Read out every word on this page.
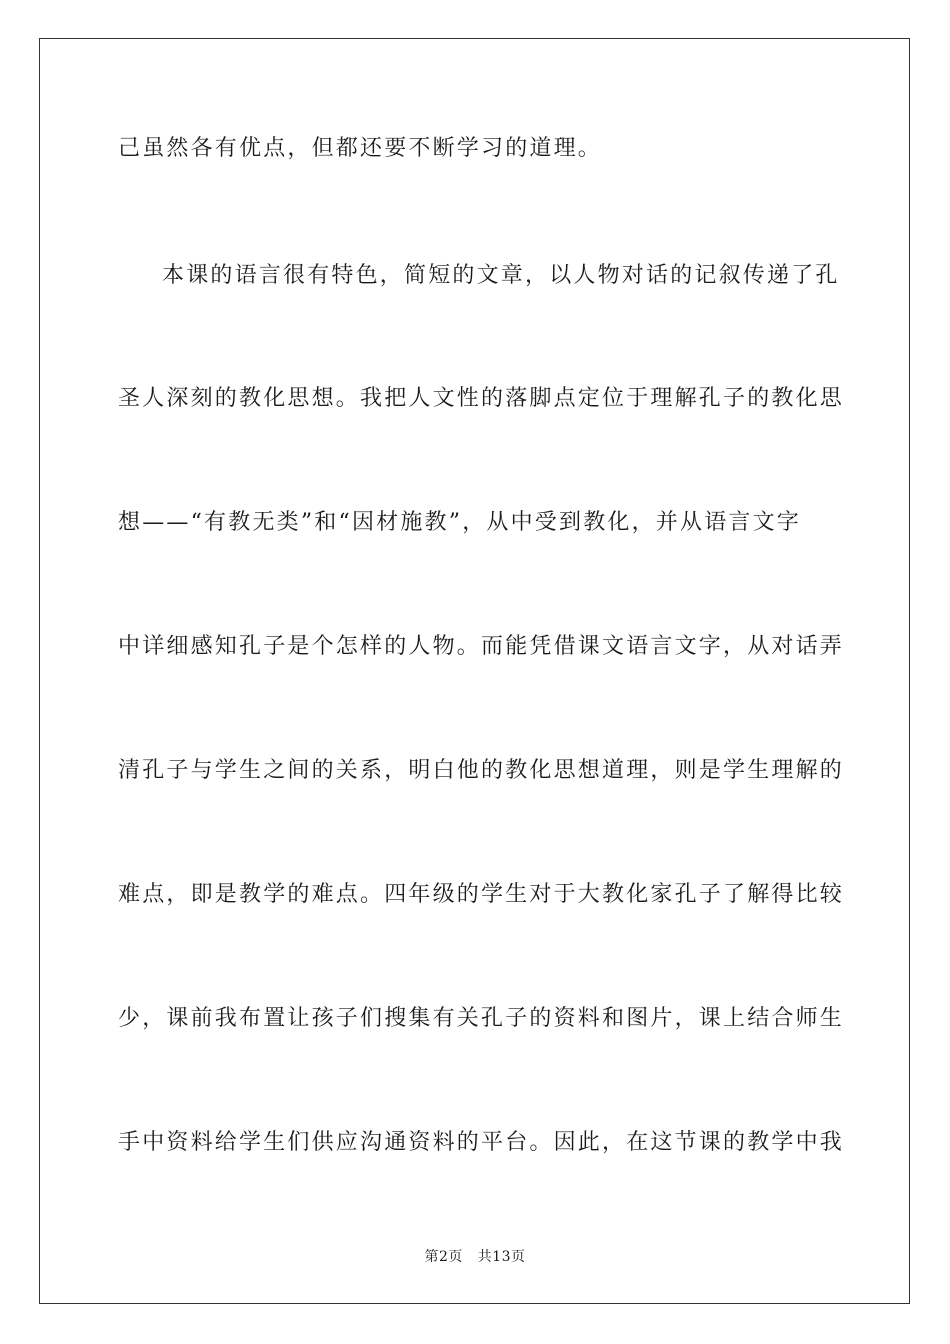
己虽然各有优点，但都还要不断学习的道理。
本课的语言很有特色，简短的文章，以人物对话的记叙传递了孔
圣人深刻的教化思想。我把人文性的落脚点定位于理解孔子的教化思
想——“有教无类”和“因材施教”，从中受到教化，并从语言文字
中详细感知孔子是个怎样的人物。而能凭借课文语言文字，从对话弄
清孔子与学生之间的关系，明白他的教化思想道理，则是学生理解的
难点，即是教学的难点。四年级的学生对于大教化家孔子了解得比较
少，课前我布置让孩子们搜集有关孔子的资料和图片，课上结合师生
手中资料给学生们供应沟通资料的平台。因此，在这节课的教学中我
第2页   共13页
